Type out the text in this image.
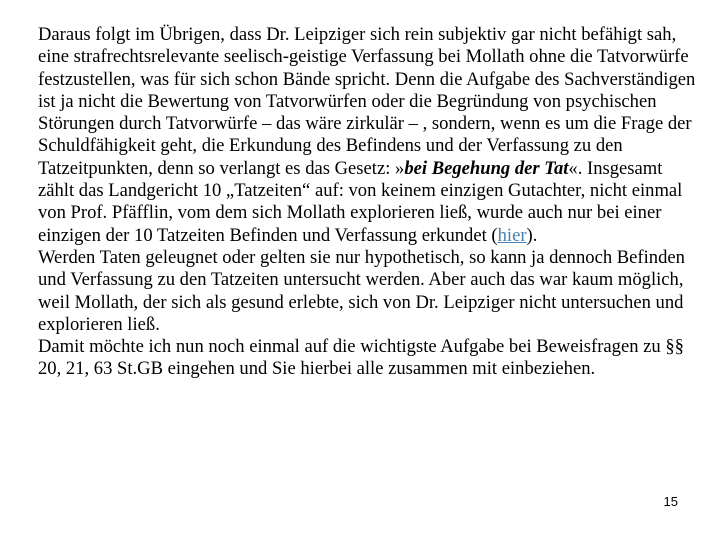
Daraus folgt im Übrigen, dass Dr. Leipziger sich rein subjektiv gar nicht befähigt sah, eine strafrechtsrelevante seelisch-geistige Verfassung bei Mollath ohne die Tatvorwürfe festzustellen, was für sich schon Bände spricht. Denn die Aufgabe des Sachverständigen ist ja nicht die Bewertung von Tatvorwürfen oder die Begründung von psychischen Störungen durch Tatvorwürfe – das wäre zirkulär – , sondern, wenn es um die Frage der Schuldfähigkeit geht, die Erkundung des Befindens und der Verfassung zu den Tatzeitpunkten, denn so verlangt es das Gesetz: »bei Begehung der Tat«. Insgesamt zählt das Landgericht 10 „Tatzeiten“ auf: von keinem einzigen Gutachter, nicht einmal von Prof. Pfäfflin, vom dem sich Mollath explorieren ließ, wurde auch nur bei einer einzigen der 10 Tatzeiten Befinden und Verfassung erkundet (hier).

Werden Taten geleugnet oder gelten sie nur hypothetisch, so kann ja dennoch Befinden und Verfassung zu den Tatzeiten untersucht werden. Aber auch das war kaum möglich, weil Mollath, der sich als gesund erlebte, sich von Dr. Leipziger nicht untersuchen und explorieren ließ.

Damit möchte ich nun noch einmal auf die wichtigste Aufgabe bei Beweisfragen zu §§ 20, 21, 63 St.GB eingehen und Sie hierbei alle zusammen mit einbeziehen.

15
